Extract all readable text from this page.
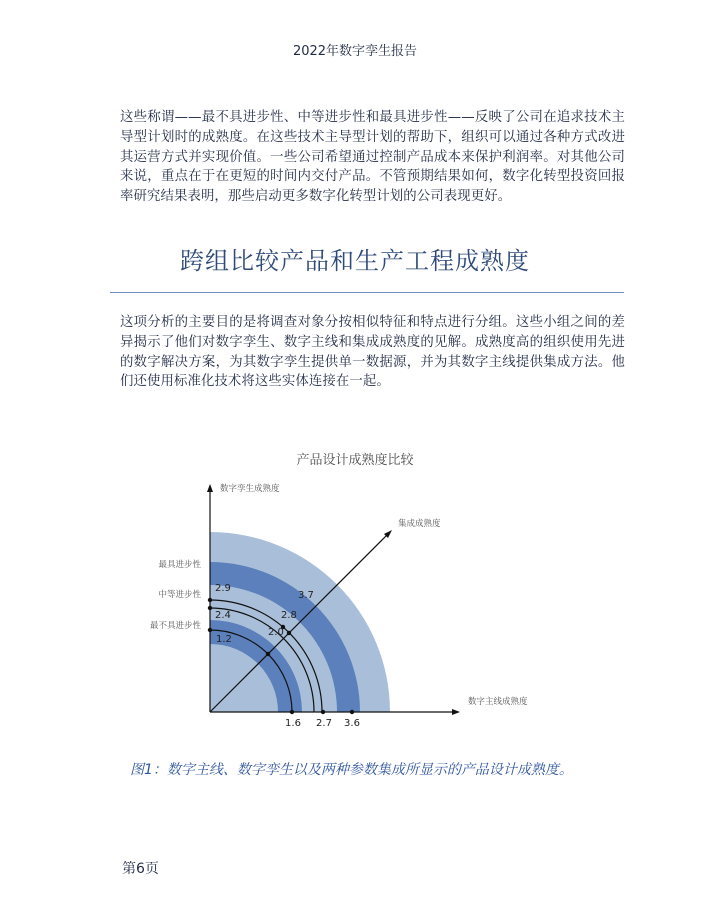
2022年数字孪生报告
这些称谓——最不具进步性、中等进步性和最具进步性——反映了公司在追求技术主导型计划时的成熟度。在这些技术主导型计划的帮助下，组织可以通过各种方式改进其运营方式并实现价值。一些公司希望通过控制产品成本来保护利润率。对其他公司来说，重点在于在更短的时间内交付产品。不管预期结果如何，数字化转型投资回报率研究结果表明，那些启动更多数字化转型计划的公司表现更好。
跨组比较产品和生产工程成熟度
这项分析的主要目的是将调查对象分按相似特征和特点进行分组。这些小组之间的差异揭示了他们对数字孪生、数字主线和集成成熟度的见解。成熟度高的组织使用先进的数字解决方案，为其数字孪生提供单一数据源，并为其数字主线提供集成方法。他们还使用标准化技术将这些实体连接在一起。
产品设计成熟度比较
数字孪生成熟度
数字主线成熟度
集成成熟度
最具进步性
中等进步性
最不具进步性
2.9
2.4
1.2
3.7
2.8
2.0
1.6 2.7 3.6
图1：数字主线、数字孪生以及两种参数集成所显示的产品设计成熟度。
第6页
